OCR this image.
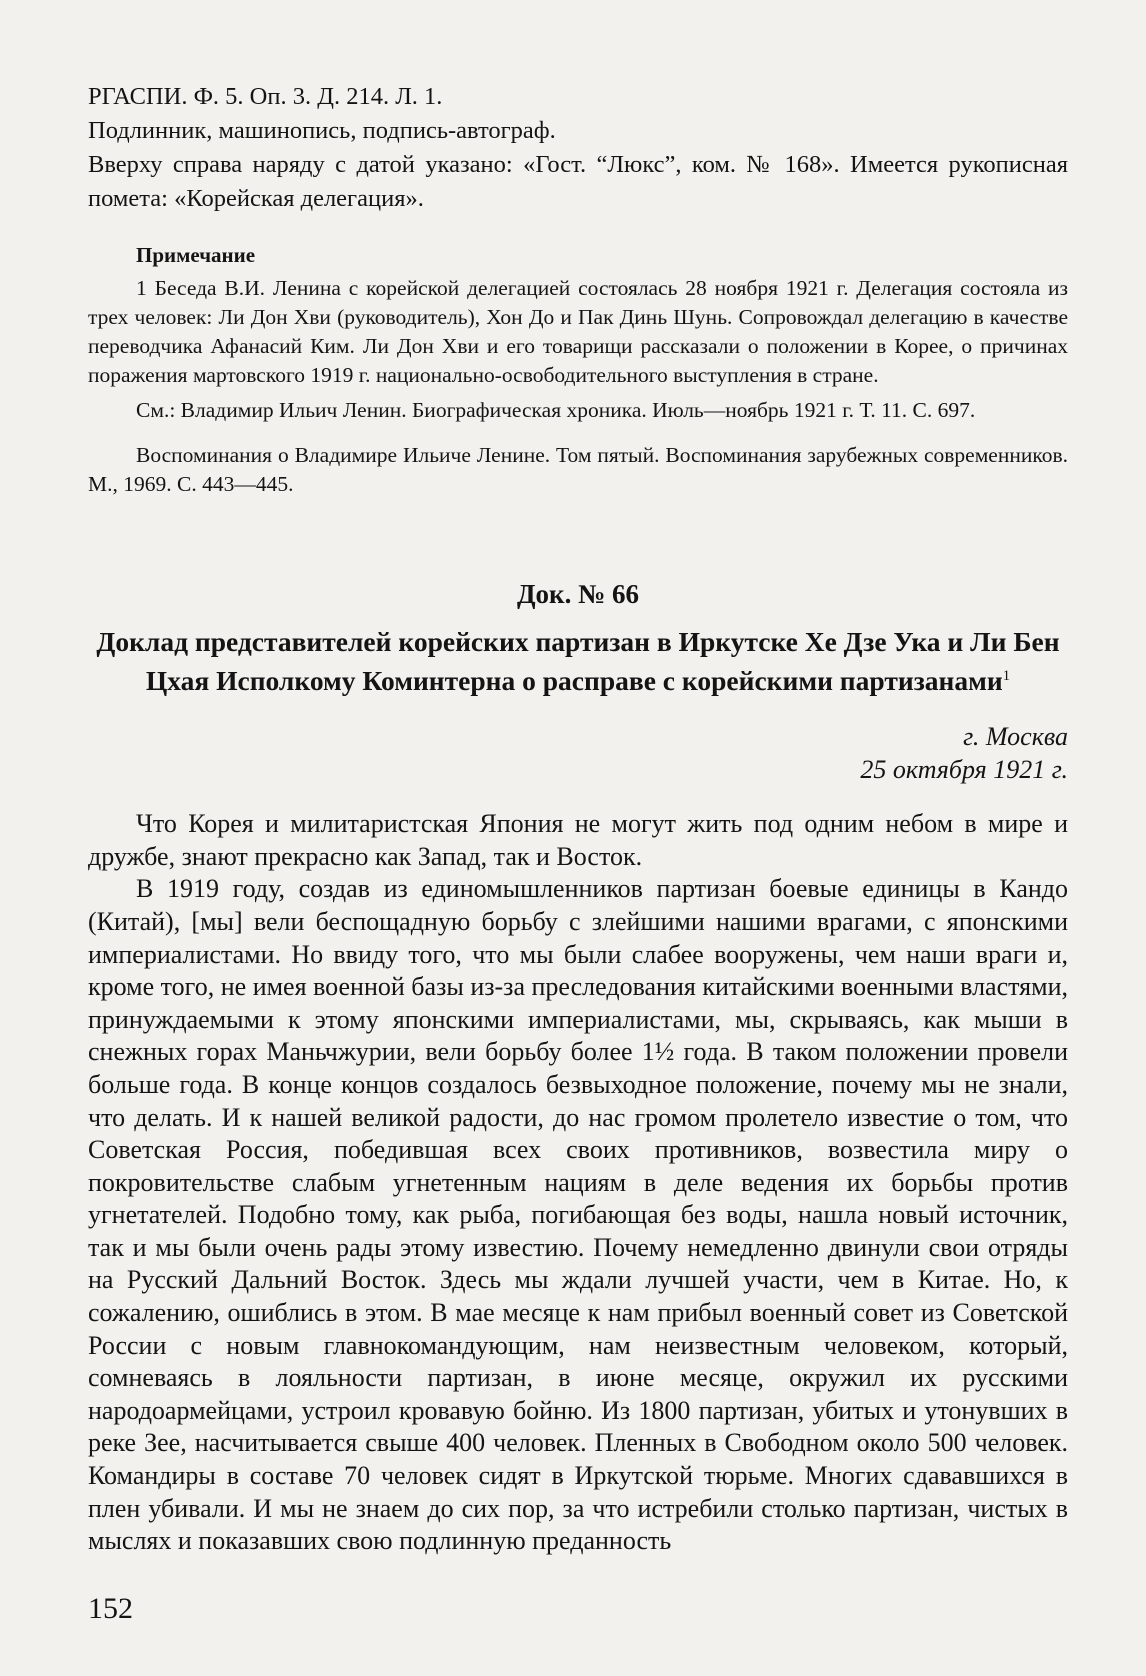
РГАСПИ. Ф. 5. Оп. 3. Д. 214. Л. 1.
Подлинник, машинопись, подпись-автограф.
Вверху справа наряду с датой указано: «Гост. “Люкс”, ком. № 168». Имеется рукописная помета: «Корейская делегация».
Примечание

1 Беседа В.И. Ленина с корейской делегацией состоялась 28 ноября 1921 г. Делегация состояла из трех человек: Ли Дон Хви (руководитель), Хон До и Пак Динь Шунь. Сопровождал делегацию в качестве переводчика Афанасий Ким. Ли Дон Хви и его товарищи рассказали о положении в Корее, о причинах поражения мартовского 1919 г. национально-освободительного выступления в стране.

См.: Владимир Ильич Ленин. Биографическая хроника. Июль—ноябрь 1921 г. Т. 11. С. 697.

Воспоминания о Владимире Ильиче Ленине. Том пятый. Воспоминания зарубежных современников. М., 1969. С. 443—445.

Док. № 66
Доклад представителей корейских партизан в Иркутске Хе Дзе Ука и Ли Бен Цхая Исполкому Коминтерна о расправе с корейскими партизанами$^1$
г. Москва
25 октября 1921 г.

Что Корея и милитаристская Япония не могут жить под одним небом в мире и дружбе, знают прекрасно как Запад, так и Восток.

В 1919 году, создав из единомышленников партизан боевые единицы в Кандо (Китай), [мы] вели беспощадную борьбу с злейшими нашими врагами, с японскими империалистами. Но ввиду того, что мы были слабее вооружены, чем наши враги и, кроме того, не имея военной базы из-за преследования китайскими военными властями, принуждаемыми к этому японскими империалистами, мы, скрываясь, как мыши в снежных горах Маньчжурии, вели борьбу более 1½ года. В таком положении провели больше года. В конце концов создалось безвыходное положение, почему мы не знали, что делать. И к нашей великой радости, до нас громом пролетело известие о том, что Советская Россия, победившая всех своих противников, возвестила миру о покровительстве слабым угнетенным нациям в деле ведения их борьбы против угнетателей. Подобно тому, как рыба, погибающая без воды, нашла новый источник, так и мы были очень рады этому известию. Почему немедленно двинули свои отряды на Русский Дальний Восток. Здесь мы ждали лучшей участи, чем в Китае. Но, к сожалению, ошиблись в этом. В мае месяце к нам прибыл военный совет из Советской России с новым главнокомандующим, нам неизвестным человеком, который, сомневаясь в лояльности партизан, в июне месяце, окружил их русскими народоармейцами, устроил кровавую бойню. Из 1800 партизан, убитых и утонувших в реке Зее, насчитывается свыше 400 человек. Пленных в Свободном около 500 человек. Командиры в составе 70 человек сидят в Иркутской тюрьме. Многих сдававшихся в плен убивали. И мы не знаем до сих пор, за что истребили столько партизан, чистых в мыслях и показавших свою подлинную преданность

152
